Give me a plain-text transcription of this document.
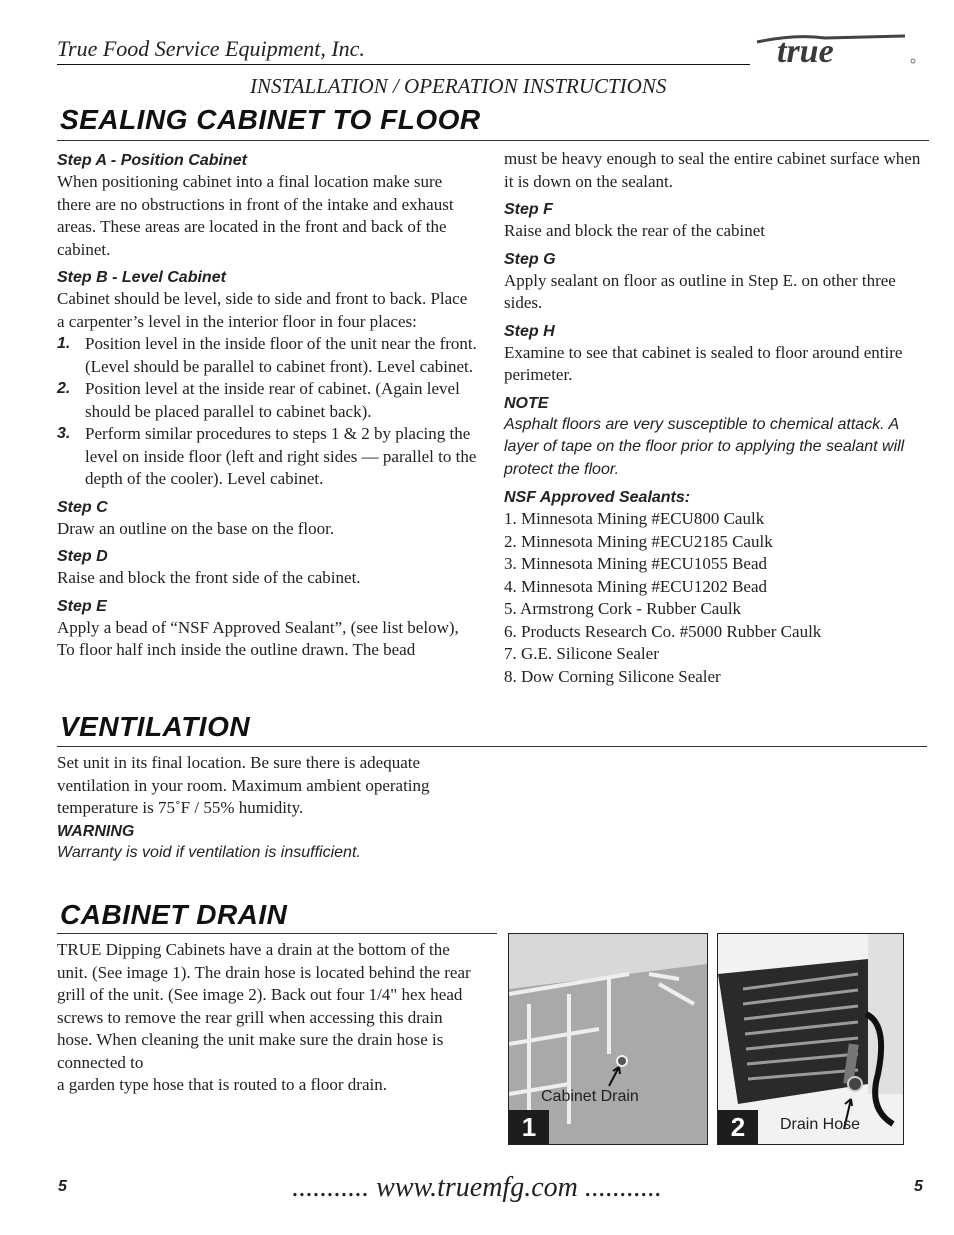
True Food Service Equipment, Inc.	true
INSTALLATION / OPERATION INSTRUCTIONS
SEALING CABINET TO FLOOR

Step A - Position Cabinet

When positioning cabinet into a final location make sure there are no obstructions in front of the intake and exhaust areas. These areas are located in the front and back of the cabinet.

Step B - Level Cabinet

Cabinet should be level, side to side and front to back. Place a carpenter’s level in the interior floor in four places:

1. Position level in the inside floor of the unit near the front. (Level should be parallel to cabinet front). Level cabinet.
2. Position level at the inside rear of cabinet. (Again level should be placed parallel to cabinet back).
3. Perform similar procedures to steps 1 & 2 by placing the level on inside floor (left and right sides — parallel to the depth of the cooler). Level cabinet.

Step C

Draw an outline on the base on the floor.

Step D

Raise and block the front side of the cabinet.

Step E

Apply a bead of “NSF Approved Sealant”, (see list below), To floor half inch inside the outline drawn. The bead

must be heavy enough to seal the entire cabinet surface when it is down on the sealant.

Step F

Raise and block the rear of the cabinet

Step G

Apply sealant on floor as outline in Step E. on other three sides.

Step H

Examine to see that cabinet is sealed to floor around entire perimeter.

NOTE

Asphalt floors are very susceptible to chemical attack. A layer of tape on the floor prior to applying the sealant will protect the floor.

NSF Approved Sealants:

1. Minnesota Mining #ECU800 Caulk
2. Minnesota Mining #ECU2185 Caulk
3. Minnesota Mining #ECU1055 Bead
4. Minnesota Mining #ECU1202 Bead
5. Armstrong Cork - Rubber Caulk
6. Products Research Co. #5000 Rubber Caulk
7. G.E. Silicone Sealer
8. Dow Corning Silicone Sealer
VENTILATION

Set unit in its final location. Be sure there is adequate ventilation in your room. Maximum ambient operating temperature is 75˚F / 55% humidity.

WARNING

Warranty is void if ventilation is insufficient.

CABINET DRAIN

TRUE Dipping Cabinets have a drain at the bottom of the unit. (See image 1). The drain hose is located behind the rear grill of the unit. (See image 2). Back out four 1/4" hex head screws to remove the rear grill when accessing this drain hose. When cleaning the unit make sure the drain hose is connected to

a garden type hose that is routed to a floor drain.

Cabinet Drain
1	Drain Hose
2
5	........... www.truemfg.com ...........	5
